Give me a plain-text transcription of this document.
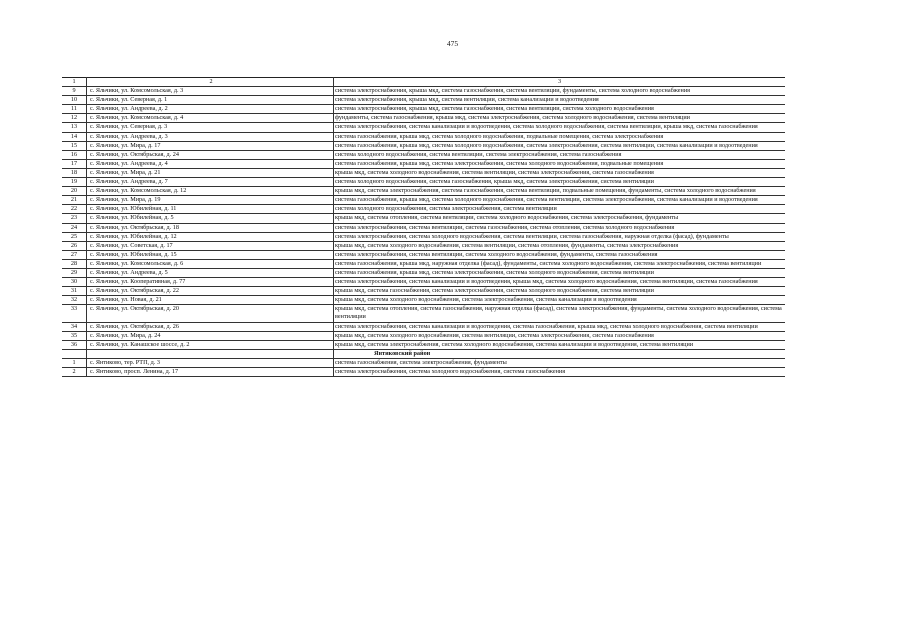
475
1	2	3
9	с. Яльчики, ул. Комсомольская, д. 3	система электроснабжения, крыша мкд, система газоснабжения, система вентиляции, фундаменты, система холодного водоснабжения
10	с. Яльчики, ул. Северная, д. 1	система электроснабжения, крыша мкд, система вентиляции, система канализации и водоотведения
11	с. Яльчики, ул. Андреева, д. 2	система электроснабжения, крыша мкд, система газоснабжения, система вентиляции, система холодного водоснабжения
12	с. Яльчики, ул. Комсомольская, д. 4	фундаменты, система газоснабжения, крыша мкд, система электроснабжения, система холодного водоснабжения, система вентиляции
13	с. Яльчики, ул. Северная, д. 3	система электроснабжения, система канализации и водоотведения, система холодного водоснабжения, система вентиляции, крыша мкд, система газоснабжения
14	с. Яльчики, ул. Андреева, д. 3	система газоснабжения, крыша мкд, система холодного водоснабжения, подвальные помещения, система электроснабжения
15	с. Яльчики, ул. Мира, д. 17	система газоснабжения, крыша мкд, система холодного водоснабжения, система электроснабжения, система вентиляции, система канализации и водоотведения
16	с. Яльчики, ул. Октябрьская, д. 24	система холодного водоснабжения, система вентиляции, система электроснабжения, система газоснабжения
17	с. Яльчики, ул. Андреева, д. 4	система газоснабжения, крыша мкд, система электроснабжения, система холодного водоснабжения, подвальные помещения
18	с. Яльчики, ул. Мира, д. 21	крыша мкд, система холодного водоснабжения, система вентиляции, система электроснабжения, система газоснабжения
19	с. Яльчики, ул. Андреева, д. 7	система холодного водоснабжения, система газоснабжения, крыша мкд, система электроснабжения, система вентиляции
20	с. Яльчики, ул. Комсомольская, д. 12	крыша мкд, система электроснабжения, система газоснабжения, система вентиляции, подвальные помещения, фундаменты, система холодного водоснабжения
21	с. Яльчики, ул. Мира, д. 19	система газоснабжения, крыша мкд, система холодного водоснабжения, система вентиляции, система электроснабжения, система канализации и водоотведения
22	с. Яльчики, ул. Юбилейная, д. 11	система холодного водоснабжения, система электроснабжения, система вентиляции
23	с. Яльчики, ул. Юбилейная, д. 5	крыша мкд, система отопления, система вентиляции, система холодного водоснабжения, система электроснабжения, фундаменты
24	с. Яльчики, ул. Октябрьская, д. 18	система электроснабжения, система вентиляции, система газоснабжения, система отопления, система холодного водоснабжения
25	с. Яльчики, ул. Юбилейная, д. 12	система электроснабжения, система холодного водоснабжения, система вентиляции, система газоснабжения, наружная отделка (фасад), фундаменты
26	с. Яльчики, ул. Советская, д. 17	крыша мкд, система холодного водоснабжения, система вентиляции, система отопления, фундаменты, система электроснабжения
27	с. Яльчики, ул. Юбилейная, д. 15	система электроснабжения, система вентиляции, система холодного водоснабжения, фундаменты, система газоснабжения
28	с. Яльчики, ул. Комсомольская, д. 6	система газоснабжения, крыша мкд, наружная отделка (фасад), фундаменты, система холодного водоснабжения, система электроснабжения, система вентиляции
29	с. Яльчики, ул. Андреева, д. 5	система газоснабжения, крыша мкд, система электроснабжения, система холодного водоснабжения, система вентиляции
30	с. Яльчики, ул. Кооперативная, д. 77	система электроснабжения, система канализации и водоотведения, крыша мкд, система холодного водоснабжения, система вентиляции, система газоснабжения
31	с. Яльчики, ул. Октябрьская, д. 22	крыша мкд, система газоснабжения, система электроснабжения, система холодного водоснабжения, система вентиляции
32	с. Яльчики, ул. Новая, д. 21	крыша мкд, система холодного водоснабжения, система электроснабжения, система канализации и водоотведения
33	с. Яльчики, ул. Октябрьская, д. 20	крыша мкд, система отопления, система газоснабжения, наружная отделка (фасад), система электроснабжения, фундаменты, система холодного водоснабжения, система вентиляции
34	с. Яльчики, ул. Октябрьская, д. 26	система электроснабжения, система канализации и водоотведения, система газоснабжения, крыша мкд, система холодного водоснабжения, система вентиляции
35	с. Яльчики, ул. Мира, д. 24	крыша мкд, система холодного водоснабжения, система вентиляции, система электроснабжения, система газоснабжения
36	с. Яльчики, ул. Канашское шоссе, д. 2	крыша мкд, система электроснабжения, система холодного водоснабжения, система канализации и водоотведения, система вентиляции
		Янтиковский район
1	с. Янтиково, тер. РТП, д. 3	система газоснабжения, система электроснабжения, фундаменты
2	с. Янтиково, просп. Ленина, д. 17	система электроснабжения, система холодного водоснабжения, система газоснабжения
